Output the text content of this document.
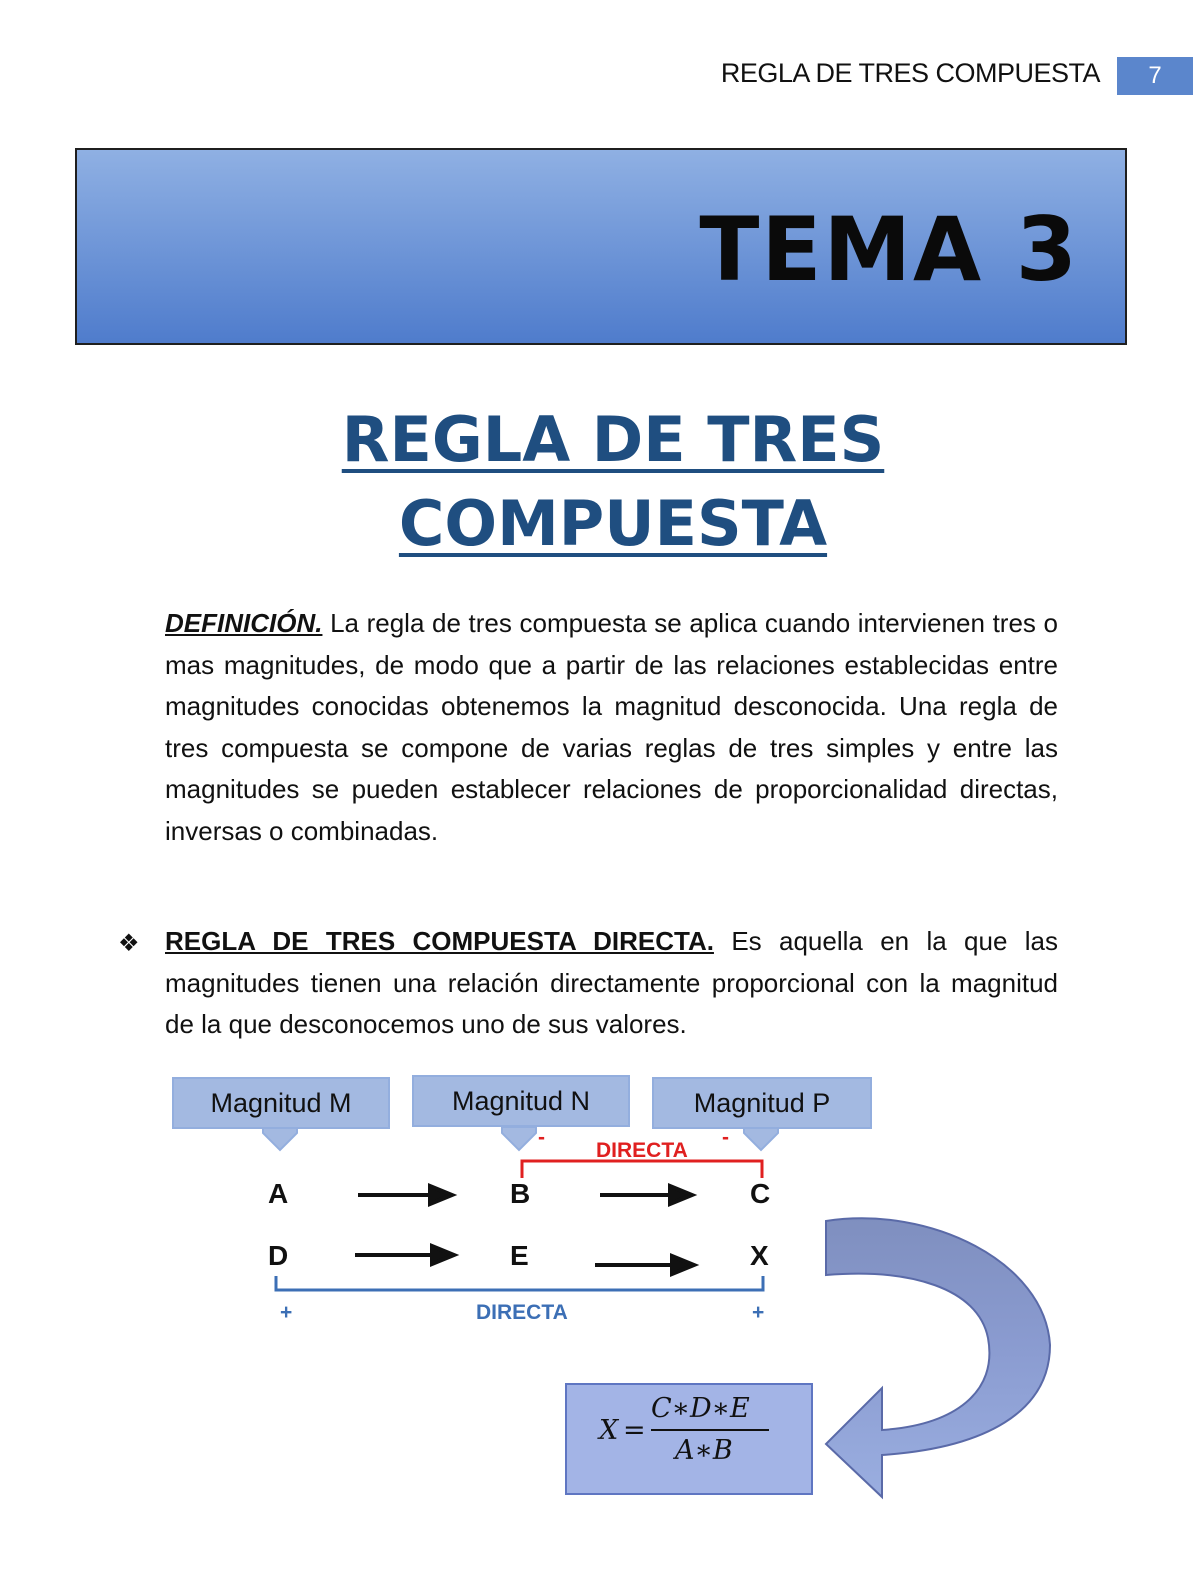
REGLA DE TRES COMPUESTA	7
TEMA 3
REGLA DE TRES
COMPUESTA
DEFINICIÓN. La regla de tres compuesta se aplica cuando intervienen tres o mas magnitudes, de modo que a partir de las relaciones establecidas entre magnitudes conocidas obtenemos la magnitud desconocida. Una regla de tres compuesta se compone de varias reglas de tres simples y entre las magnitudes se pueden establecer relaciones de proporcionalidad directas, inversas o combinadas.
❖ REGLA DE TRES COMPUESTA DIRECTA. Es aquella en la que las magnitudes tienen una relación directamente proporcional con la magnitud de la que desconocemos uno de sus valores.
Magnitud M	Magnitud N	Magnitud P
-
DIRECTA
-
A	B	C
D	E	X
+	DIRECTA	+
X =
C∗D∗E
A∗B
